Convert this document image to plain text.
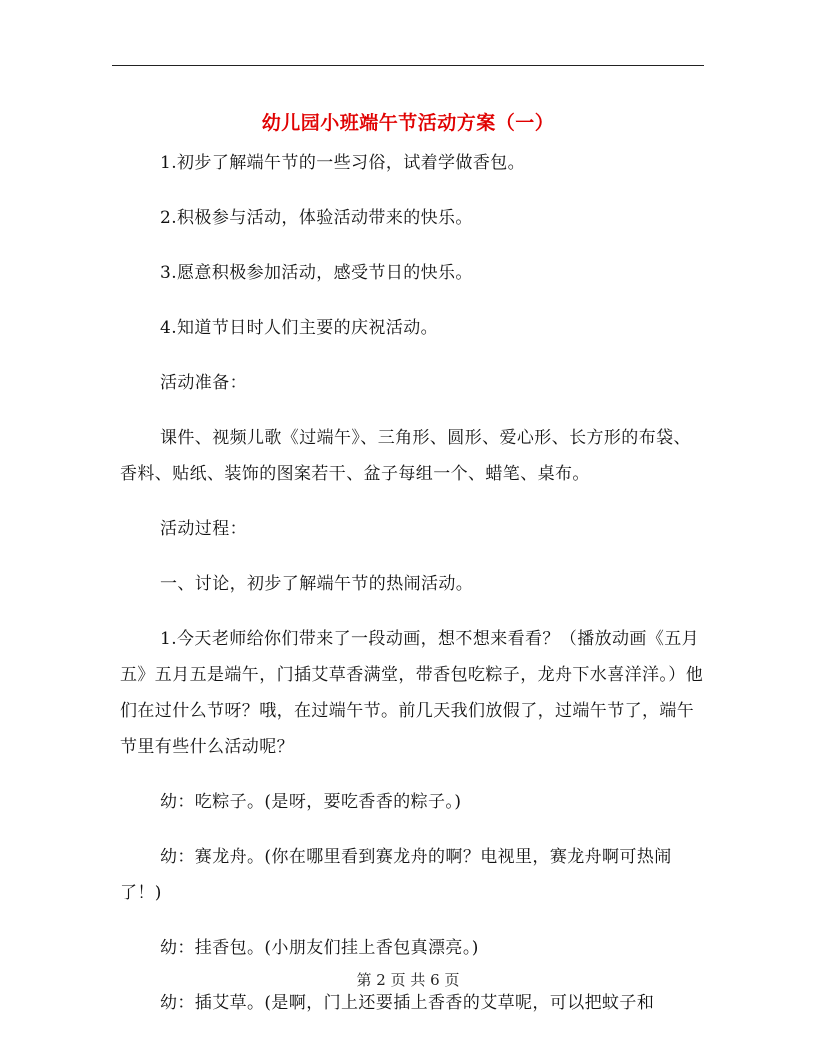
幼儿园小班端午节活动方案（一）

1.初步了解端午节的一些习俗，试着学做香包。

2.积极参与活动，体验活动带来的快乐。

3.愿意积极参加活动，感受节日的快乐。

4.知道节日时人们主要的庆祝活动。

活动准备：

课件、视频儿歌《过端午》、三角形、圆形、爱心形、长方形的布袋、香料、贴纸、装饰的图案若干、盆子每组一个、蜡笔、桌布。

活动过程：

一、讨论，初步了解端午节的热闹活动。

1.今天老师给你们带来了一段动画，想不想来看看？（播放动画《五月五》五月五是端午，门插艾草香满堂，带香包吃粽子，龙舟下水喜洋洋。）他们在过什么节呀？哦，在过端午节。前几天我们放假了，过端午节了，端午节里有些什么活动呢？

幼：吃粽子。(是呀，要吃香香的粽子。)

幼：赛龙舟。(你在哪里看到赛龙舟的啊？电视里，赛龙舟啊可热闹了！)

幼：挂香包。(小朋友们挂上香包真漂亮。)

幼：插艾草。(是啊，门上还要插上香香的艾草呢，可以把蚊子和

第 2 页 共 6 页
